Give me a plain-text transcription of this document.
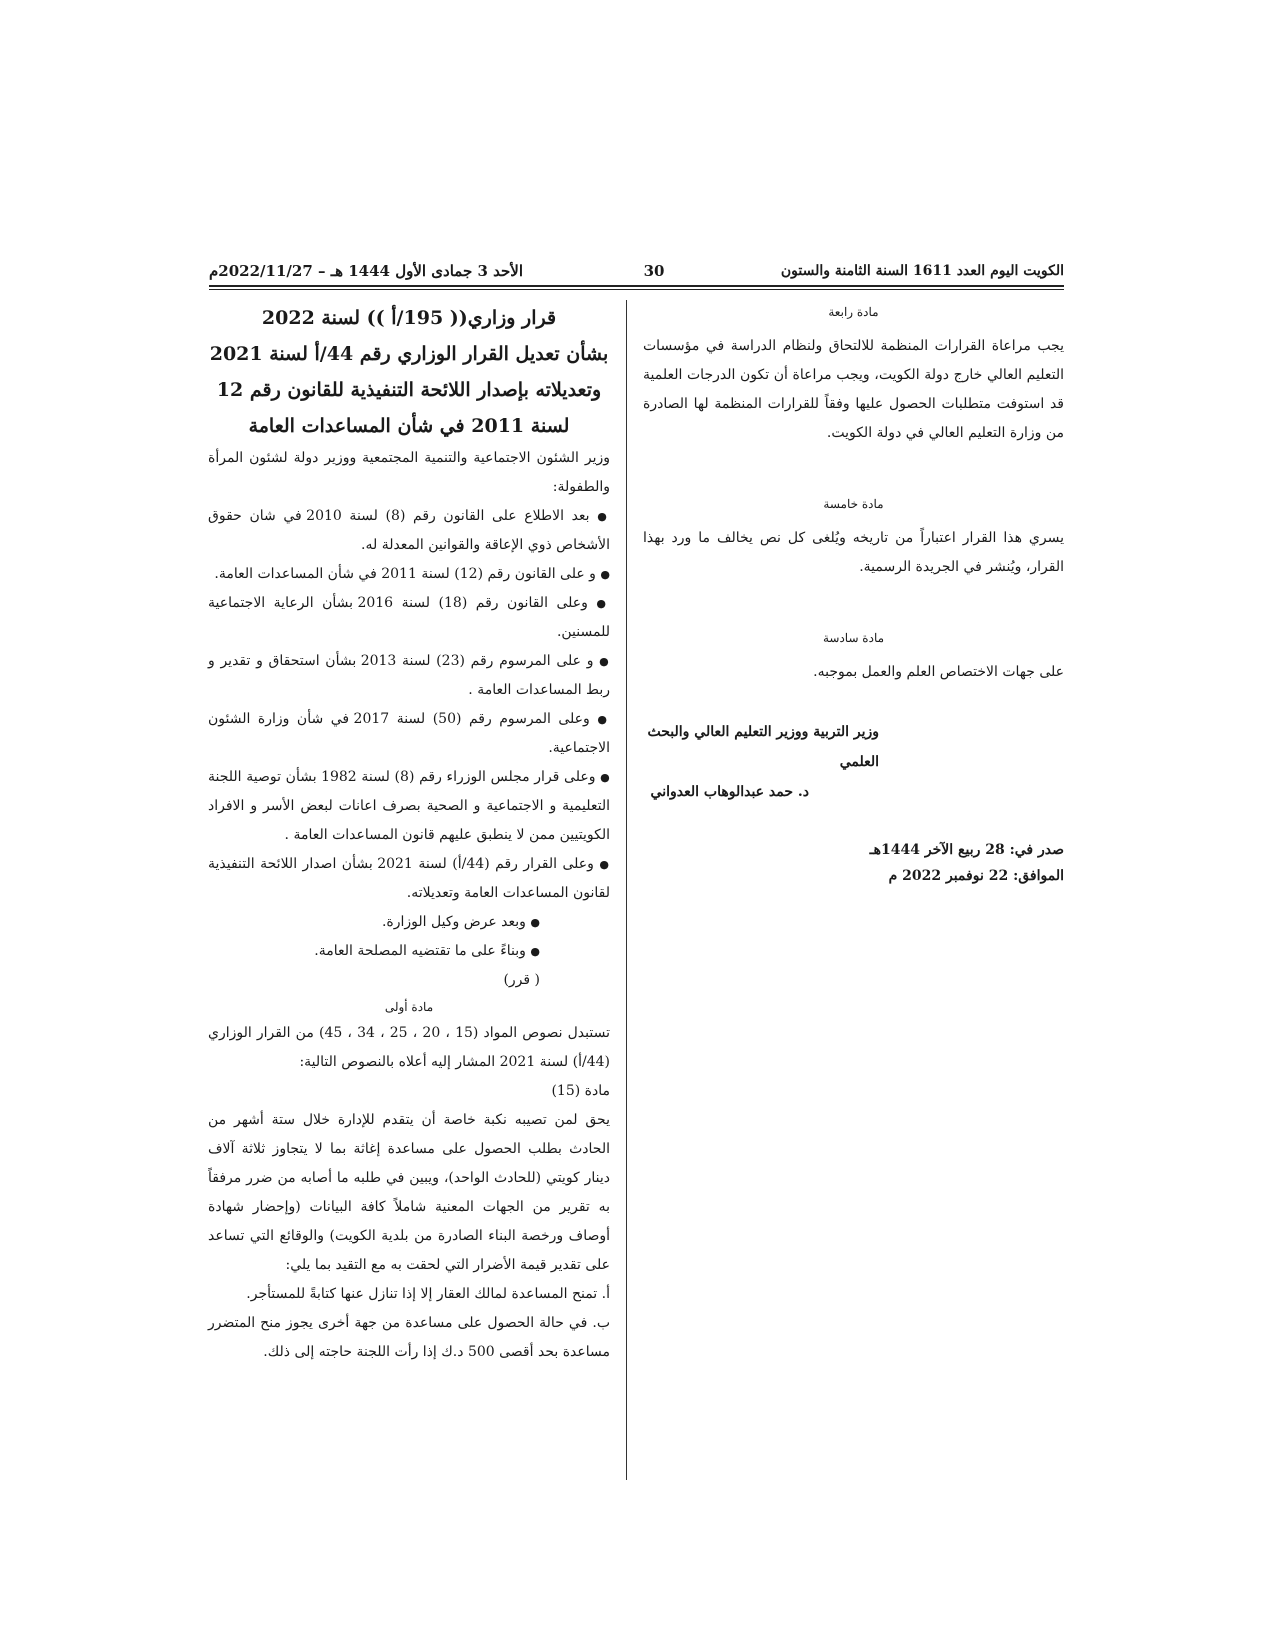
الأحد 3 جمادى الأول 1444 هـ – 2022/11/27م	30	الكويت اليوم العدد 1611 السنة الثامنة والستون

قرار وزاري(( 195/أ )) لسنة 2022

بشأن تعديل القرار الوزاري رقم 44/أ لسنة 2021

وتعديلاته بإصدار اللائحة التنفيذية للقانون رقم 12

لسنة 2011 في شأن المساعدات العامة

وزير الشئون الاجتماعية والتنمية المجتمعية ووزير دولة لشئون المرأة والطفولة:

● بعد الاطلاع على القانون رقم (8) لسنة 2010 في شان حقوق الأشخاص ذوي الإعاقة والقوانين المعدلة له.

● و على القانون رقم (12) لسنة 2011 في شأن المساعدات العامة.

● وعلى القانون رقم (18) لسنة 2016 بشأن الرعاية الاجتماعية للمسنين.

● و على المرسوم رقم (23) لسنة 2013 بشأن استحقاق و تقدير و ربط المساعدات العامة .

● وعلى المرسوم رقم (50) لسنة 2017 في شأن وزارة الشئون الاجتماعية.

● وعلى قرار مجلس الوزراء رقم (8) لسنة 1982 بشأن توصية اللجنة التعليمية و الاجتماعية و الصحية بصرف اعانات لبعض الأسر و الافراد الكويتيين ممن لا ينطبق عليهم قانون المساعدات العامة .

● وعلى القرار رقم (44/أ) لسنة 2021 بشأن اصدار اللائحة التنفيذية لقانون المساعدات العامة وتعديلاته.

● وبعد عرض وكيل الوزارة.

● وبناءً على ما تقتضيه المصلحة العامة.

( قرر)

مادة أولى

تستبدل نصوص المواد (15 ، 20 ، 25 ، 34 ، 45) من القرار الوزاري (44/أ) لسنة 2021 المشار إليه أعلاه بالنصوص التالية:

مادة (15)

يحق لمن تصيبه نكبة خاصة أن يتقدم للإدارة خلال ستة أشهر من الحادث بطلب الحصول على مساعدة إغاثة بما لا يتجاوز ثلاثة آلاف دينار كويتي (للحادث الواحد)، ويبين في طلبه ما أصابه من ضرر مرفقاً به تقرير من الجهات المعنية شاملاً كافة البيانات (وإحضار شهادة أوصاف ورخصة البناء الصادرة من بلدية الكويت) والوقائع التي تساعد على تقدير قيمة الأضرار التي لحقت به مع التقيد بما يلي:

أ. تمنح المساعدة لمالك العقار إلا إذا تنازل عنها كتابةً للمستأجر.

ب. في حالة الحصول على مساعدة من جهة أخرى يجوز منح المتضرر مساعدة بحد أقصى 500 د.ك إذا رأت اللجنة حاجته إلى ذلك.

مادة رابعة

يجب مراعاة القرارات المنظمة للالتحاق ولنظام الدراسة في مؤسسات التعليم العالي خارج دولة الكويت، ويجب مراعاة أن تكون الدرجات العلمية قد استوفت متطلبات الحصول عليها وفقاً للقرارات المنظمة لها الصادرة من وزارة التعليم العالي في دولة الكويت.

مادة خامسة

يسري هذا القرار اعتباراً من تاريخه ويُلغى كل نص يخالف ما ورد بهذا القرار، ويُنشر في الجريدة الرسمية.

مادة سادسة

على جهات الاختصاص العلم والعمل بموجبه.

وزير التربية ووزير التعليم العالي والبحث العلمي

د. حمد عبدالوهاب العدواني

صدر في: 28 ربيع الآخر 1444هـ

الموافق: 22 نوفمبر 2022 م
